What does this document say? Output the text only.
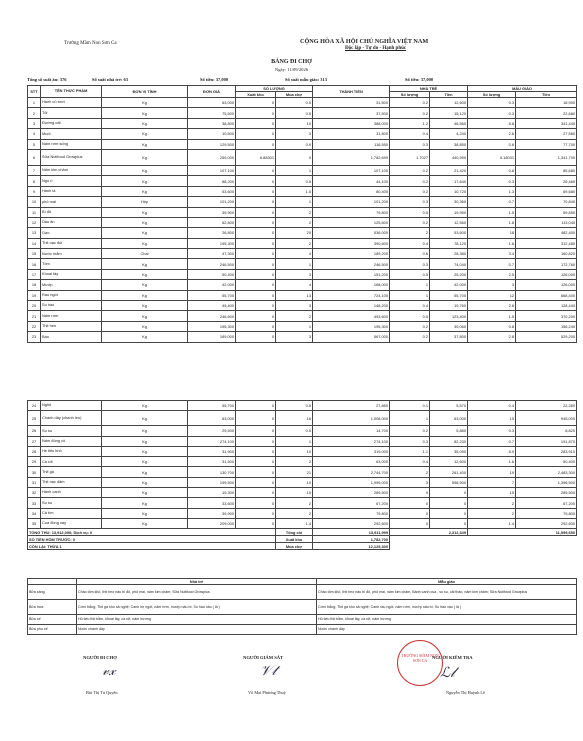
Trường Mầm Non Sơn Ca	CỘNG HÒA XÃ HỘI CHỦ NGHĨA VIỆT NAM
Độc lập - Tự do - Hạnh phúc
BẢNG ĐI CHỢ
Ngày: 11/09/2026
Tổng số suất ăn: 376	Số suất nhà trẻ: 63	Số tiền: 37,000	Số suất mẫu giáo: 313	Số tiền: 37,000
STT	TÊN THỰC PHẨM	ĐƠN VỊ TÍNH	ĐƠN GIÁ	SỐ LƯỢNG		THÀNH TIỀN	NHÀ TRẺ		MẪU GIÁO	
				Xuất kho	Mua chợ		Số lượng	Tiền	Số lượng	Tiền
1	Hành củ tươi	Kg	63,000	0	0.5	31,500	0.2	12,600	0.3	18,900
2	Tỏi	Kg	75,500	0	0.5	37,500	0.2	15,120	0.3	22,680
3	Đường cát	Kg	38,800	0	10	388,000	1.2	46,560	8.8	341,440
4	Muối	Kg	10,600	0	3	31,800	0.4	4,240	2.6	27,560
5	Nấm rơm sống	Kg	129,500	0	0.9	116,550	0.3	38,850	0.6	77,700
6	Sữa Nutifood Growplus	Kg	259,000	6.88301	0	1,782,699	1.7027	440,999	5.18031	1,341,700
7	Nấm kim châm	Kg	107,100	0	1	107,100	0.2	21,420	0.8	85,680
8	Ngò rí	Kg	88,200	0	0.5	44,100	0.2	17,640	0.3	26,460
9	Hành lá	Kg	53,600	0	1.5	80,400	0.2	10,720	1.3	69,680
10	phô mai	Hộp	101,200	0	1	101,200	0.3	30,360	0.7	70,840
11	Bí đỏ	Kg	39,900	0	2	79,800	0.5	19,950	1.5	59,850
12	Dầu ăn	Kg	62,800	0	2	125,600	0.2	12,560	1.8	113,040
13	Gạo	Kg	26,800	0	20	536,000	2	53,600	18	482,400
14	Thịt nạc đùi	Kg	195,300	0	2	390,600	0.4	78,120	1.6	312,480
15	Nước mắm	Chai	47,300	0	4	189,200	0.6	28,380	3.4	160,820
16	Tôm	Kg	246,500	0	1	246,500	0.3	74,040	0.7	172,760
17	Khoai tây	Kg	50,400	0	3	151,200	0.5	25,200	2.5	126,000
18	Mướp	Kg	42,000	0	4	168,000	1	42,000	3	126,000
19	Rau ngót	Kg	55,700	0	13	724,100	1	55,700	12	668,400
20	Su hào	Kg	49,400	0	3	148,200	0.4	19,760	2.6	128,440
21	Nấm rơm	Kg	246,600	0	2	493,600	0.5	123,400	1.5	370,200
22	Thịt heo	Kg	195,300	0	1	195,300	0.2	39,060	0.8	156,240
23	Bầu	Kg	189,000	0	3	567,000	0.2	37,800	2.8	529,200
24	Nghệ	Kg	55,700	0	0.5	27,850	0.1	5,570	0.4	22,280
25	Chanh dây (chanh leo)	Kg	63,000	0	16	1,008,000	1	63,000	15	945,000
26	Su su	Kg	29,400	0	0.5	14,700	0.2	5,880	0.3	8,820
27	Nấm đông cô	Kg	274,100	0	1	274,100	0.3	82,230	0.7	191,870
28	Hẹ tiêu khô	Kg	31,900	0	10	319,000	1.1	35,090	8.9	283,910
29	Cà rốt	Kg	31,500	0	2	63,000	0.4	12,600	1.6	50,400
30	Thịt gà	Kg	130,700	0	21	2,744,700	2	261,400	19	2,483,300
31	Thịt nạc dăm	Kg	199,500	0	10	1,995,000	3	598,500	7	1,396,500
32	Hành canh	Kg	19,300	0	15	289,500	0	0	15	289,500
33	Su su	Kg	33,600	0	2	67,200	0	0	2	67,200
34	Cà tím	Kg	39,900	0	2	79,800	0	0	2	79,800
35	Cua đồng xay	Kg	209,000	0	1.4	292,600	0	0	1.4	292,600
TỔNG THU: 13,912,000; Dịch vụ: 0					Tổng chi	13,911,999	2,312,349		11,599,650	
SỐ TIỀN HÔM TRƯỚC: 0					Xuất kho	1,782,700				
CÒN LẠI: THỪA 1					Mua chợ	12,129,300				
	Nhà trẻ	Mẫu giáo
Bữa sáng	Cháo tôm khô, thịt heo nấu bí đỏ, phô mai, nấm kim châm; Sữa Nutifood Growplus	Cháo tôm khô, thịt heo nấu bí đỏ, phô mai, nấm kim châm, Bánh canh cua , su su, cải thảo, nấm kim châm; Sữa Nutifood Growplus
Bữa trưa	Cơm trắng; Thịt gà kho sả nghệ; Canh hẹ ngót, nấm rơm, mướp nấu bí; Su hào xào ( lá )	Cơm trắng; Thịt gà kho sả nghệ; Canh rau ngót, nấm rơm, mướp nấu bí; Su hào xào ( lá )
Bữa xế	Hủ tiếu thịt bằm, khoai tây, cà rốt, nấm hương	Hủ tiếu thịt bằm, khoai tây, cà rốt, nấm hương
Bữa phụ xế	Nước chanh dây	Nước chanh dây
NGƯỜI ĐI CHỢ
𝓋𝓍
Bùi Thị Tú Quyên
NGƯỜI GIÁM SÁT
𝒱𝓉
Võ Mai Phương Thuỳ
NGƯỜI KIỂM TRA
TRƯỜNG MẦM NON SƠN CA
ℒ𝓁
Nguyễn Thị Huỳnh Lê
